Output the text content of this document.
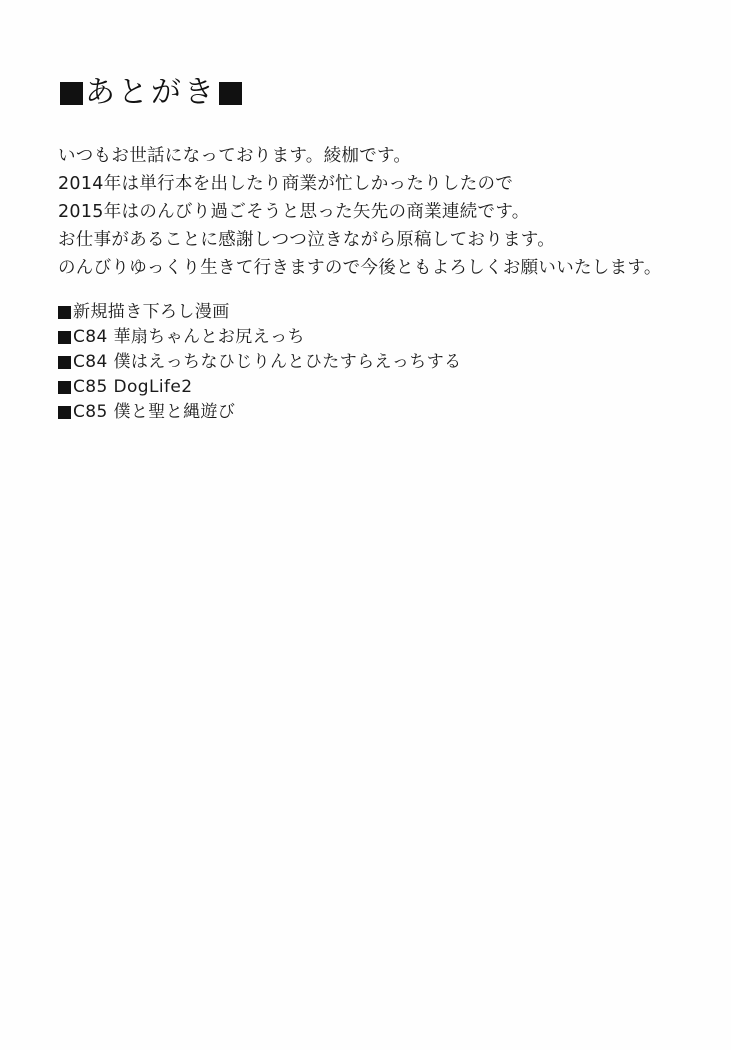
あとがき
いつもお世話になっております。綾枷です。
2014年は単行本を出したり商業が忙しかったりしたので
2015年はのんびり過ごそうと思った矢先の商業連続です。
お仕事があることに感謝しつつ泣きながら原稿しております。
のんびりゆっくり生きて行きますので今後ともよろしくお願いいたします。
新規描き下ろし漫画
C84 華扇ちゃんとお尻えっち
C84 僕はえっちなひじりんとひたすらえっちする
C85 DogLife2
C85 僕と聖と縄遊び
